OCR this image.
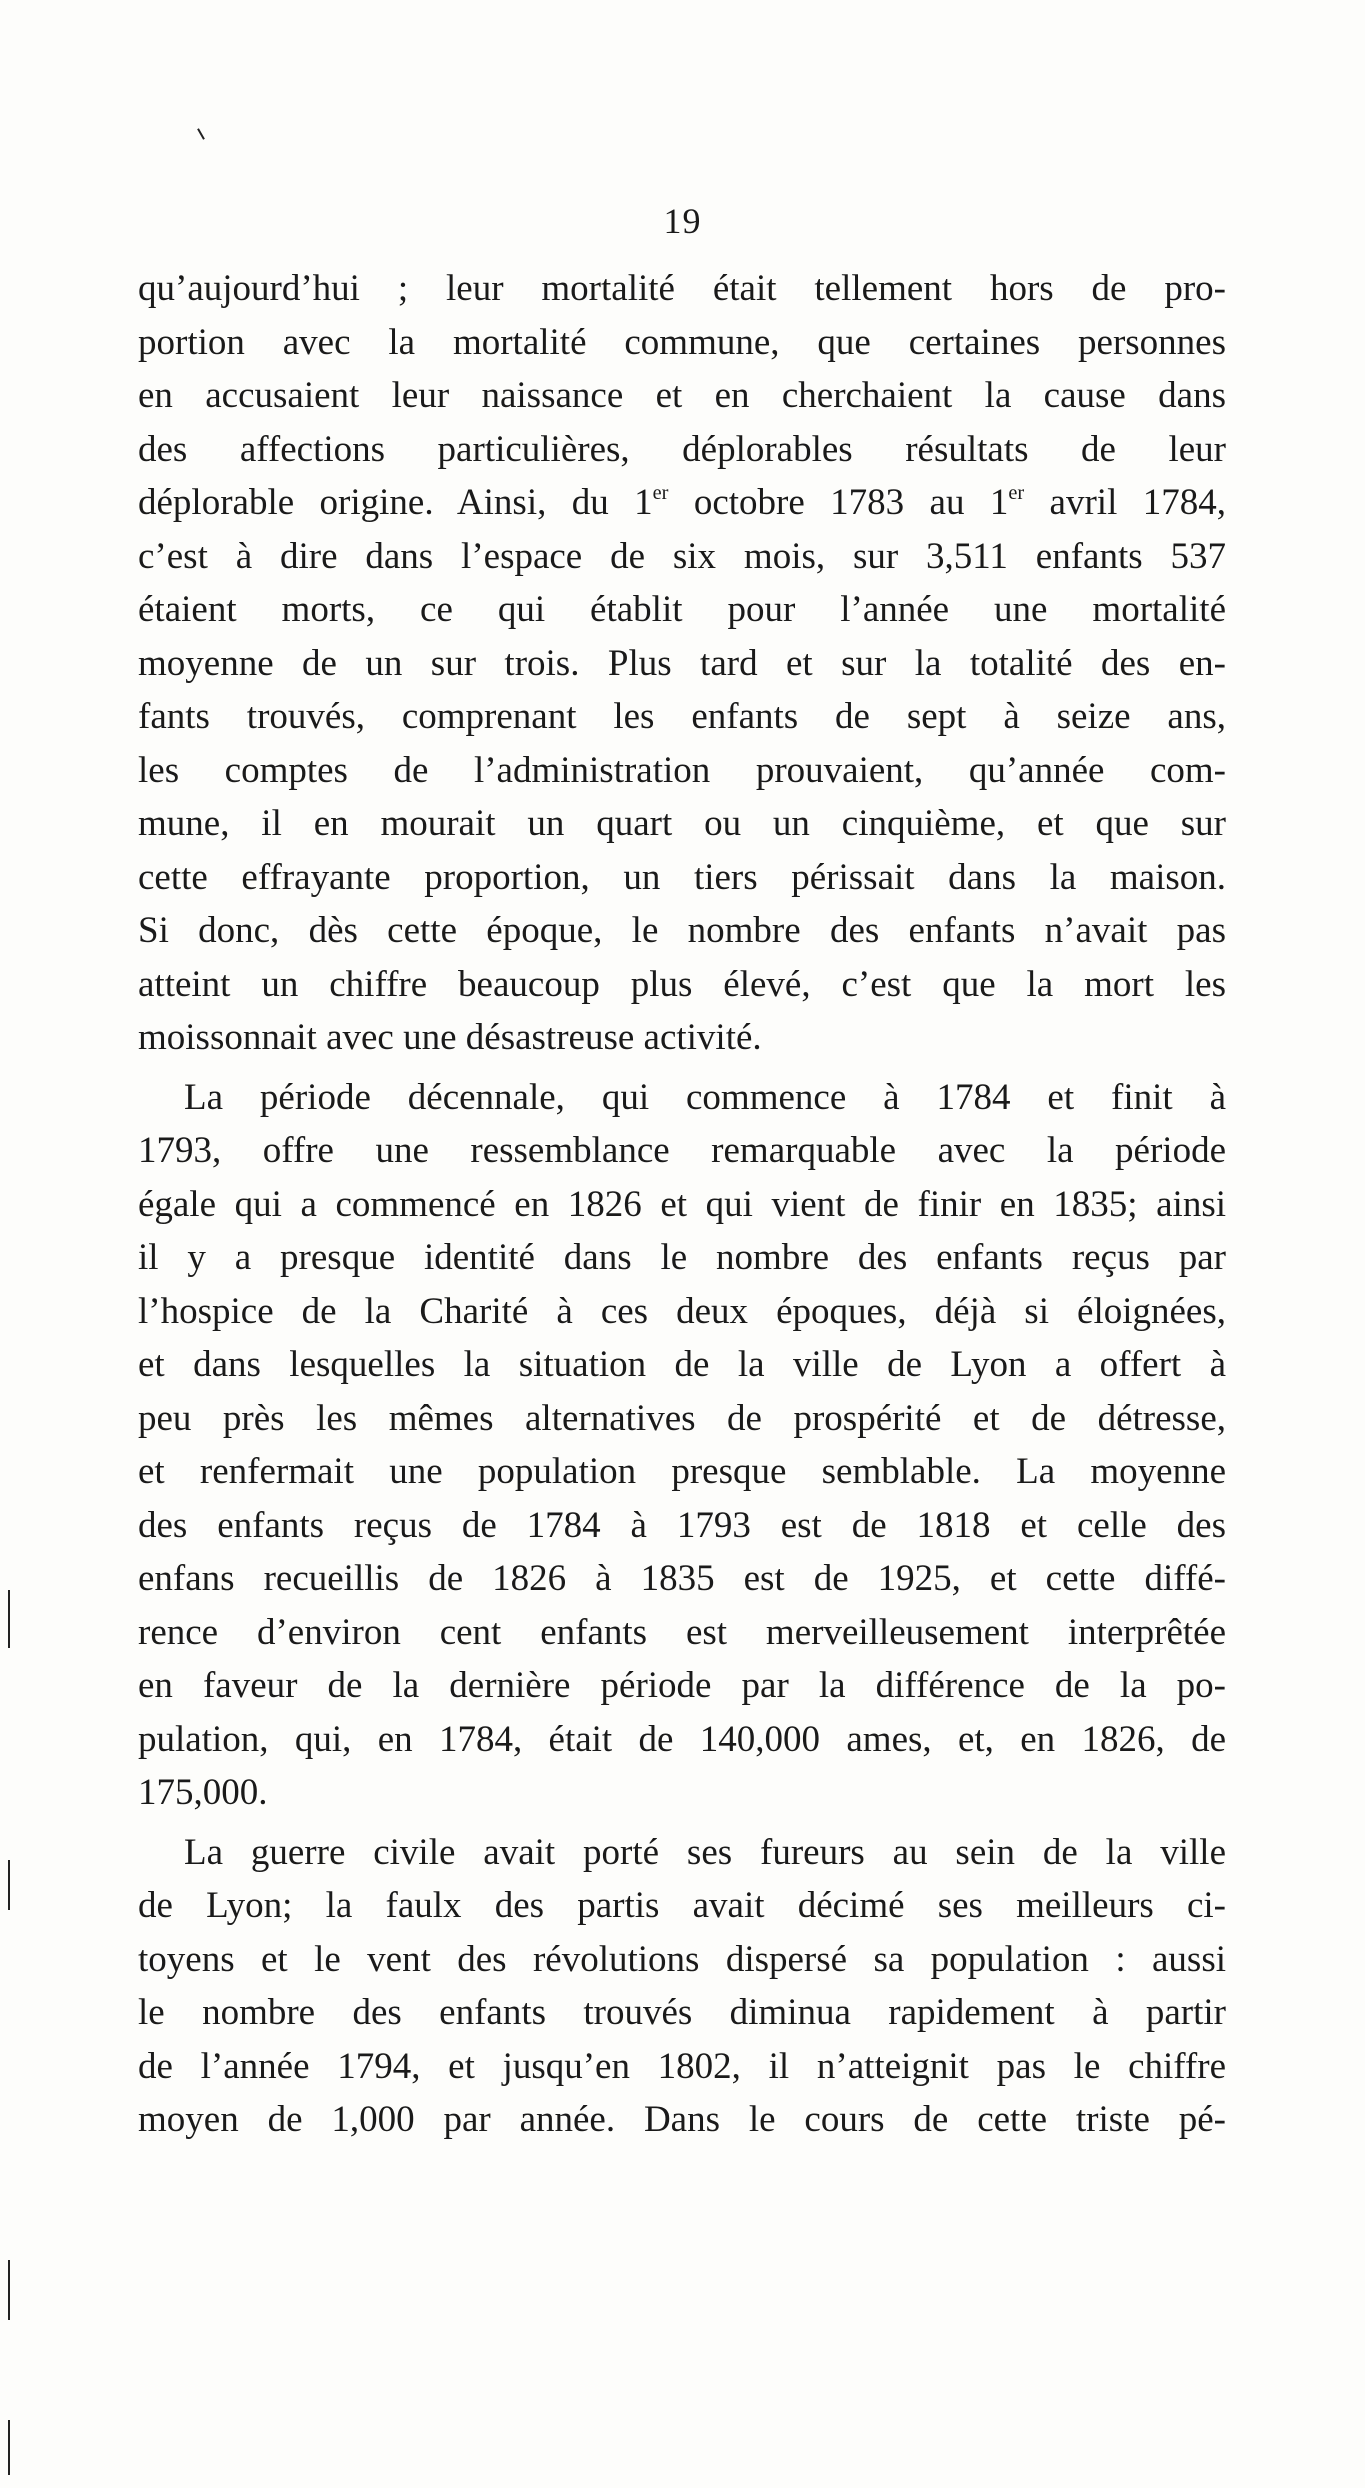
19
qu’aujourd’hui ; leur mortalité était tellement hors de pro-
portion avec la mortalité commune, que certaines personnes
en accusaient leur naissance et en cherchaient la cause dans
des affections particulières, déplorables résultats de leur
déplorable origine. Ainsi, du 1er octobre 1783 au 1er avril 1784,
c’est à dire dans l’espace de six mois, sur 3,511 enfants 537
étaient morts, ce qui établit pour l’année une mortalité
moyenne de un sur trois. Plus tard et sur la totalité des en-
fants trouvés, comprenant les enfants de sept à seize ans,
les comptes de l’administration prouvaient, qu’année com-
mune, il en mourait un quart ou un cinquième, et que sur
cette effrayante proportion, un tiers périssait dans la maison.
Si donc, dès cette époque, le nombre des enfants n’avait pas
atteint un chiffre beaucoup plus élevé, c’est que la mort les
moissonnait avec une désastreuse activité.
La période décennale, qui commence à 1784 et finit à
1793, offre une ressemblance remarquable avec la période
égale qui a commencé en 1826 et qui vient de finir en 1835; ainsi
il y a presque identité dans le nombre des enfants reçus par
l’hospice de la Charité à ces deux époques, déjà si éloignées,
et dans lesquelles la situation de la ville de Lyon a offert à
peu près les mêmes alternatives de prospérité et de détresse,
et renfermait une population presque semblable. La moyenne
des enfants reçus de 1784 à 1793 est de 1818 et celle des
enfans recueillis de 1826 à 1835 est de 1925, et cette diffé-
rence d’environ cent enfants est merveilleusement interprêtée
en faveur de la dernière période par la différence de la po-
pulation, qui, en 1784, était de 140,000 ames, et, en 1826, de
175,000.
La guerre civile avait porté ses fureurs au sein de la ville
de Lyon; la faulx des partis avait décimé ses meilleurs ci-
toyens et le vent des révolutions dispersé sa population : aussi
le nombre des enfants trouvés diminua rapidement à partir
de l’année 1794, et jusqu’en 1802, il n’atteignit pas le chiffre
moyen de 1,000 par année. Dans le cours de cette triste pé-
